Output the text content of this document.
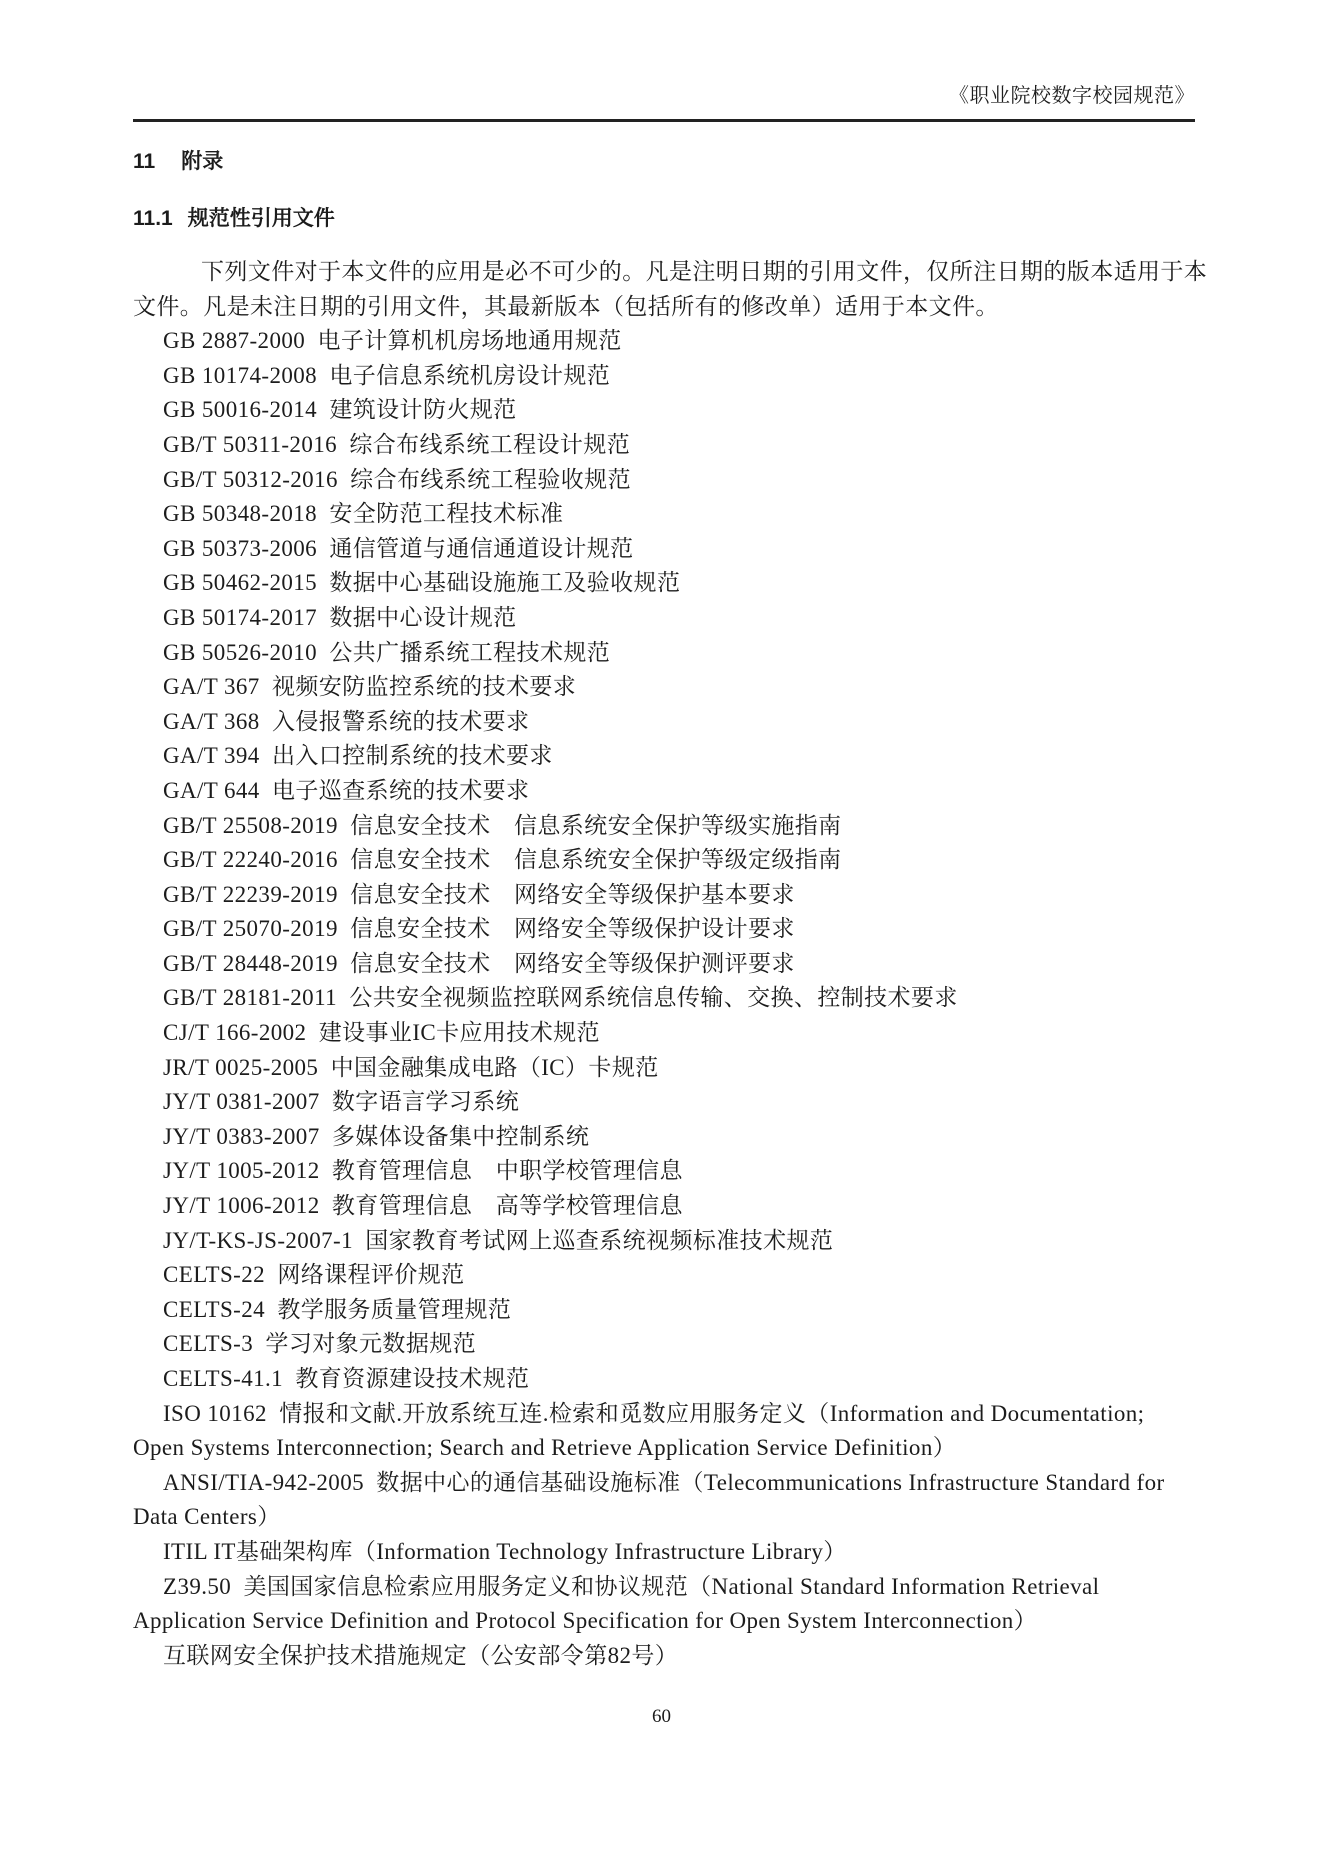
《职业院校数字校园规范》
11 附录
11.1 规范性引用文件
下列文件对于本文件的应用是必不可少的。凡是注明日期的引用文件，仅所注日期的版本适用于本
文件。凡是未注日期的引用文件，其最新版本（包括所有的修改单）适用于本文件。
GB 2887-2000  电子计算机机房场地通用规范
GB 10174-2008  电子信息系统机房设计规范
GB 50016-2014  建筑设计防火规范
GB/T 50311-2016  综合布线系统工程设计规范
GB/T 50312-2016  综合布线系统工程验收规范
GB 50348-2018  安全防范工程技术标准
GB 50373-2006  通信管道与通信通道设计规范
GB 50462-2015  数据中心基础设施施工及验收规范
GB 50174-2017  数据中心设计规范
GB 50526-2010  公共广播系统工程技术规范
GA/T 367  视频安防监控系统的技术要求
GA/T 368  入侵报警系统的技术要求
GA/T 394  出入口控制系统的技术要求
GA/T 644  电子巡查系统的技术要求
GB/T 25508-2019  信息安全技术　信息系统安全保护等级实施指南
GB/T 22240-2016  信息安全技术　信息系统安全保护等级定级指南
GB/T 22239-2019  信息安全技术　网络安全等级保护基本要求
GB/T 25070-2019  信息安全技术　网络安全等级保护设计要求
GB/T 28448-2019  信息安全技术　网络安全等级保护测评要求
GB/T 28181-2011  公共安全视频监控联网系统信息传输、交换、控制技术要求
CJ/T 166-2002  建设事业IC卡应用技术规范
JR/T 0025-2005  中国金融集成电路（IC）卡规范
JY/T 0381-2007  数字语言学习系统
JY/T 0383-2007  多媒体设备集中控制系统
JY/T 1005-2012  教育管理信息　中职学校管理信息
JY/T 1006-2012  教育管理信息　高等学校管理信息
JY/T-KS-JS-2007-1  国家教育考试网上巡查系统视频标准技术规范
CELTS-22  网络课程评价规范
CELTS-24  教学服务质量管理规范
CELTS-3  学习对象元数据规范
CELTS-41.1  教育资源建设技术规范
ISO 10162  情报和文献.开放系统互连.检索和觅数应用服务定义（Information and Documentation;
Open Systems Interconnection; Search and Retrieve Application Service Definition）
ANSI/TIA-942-2005  数据中心的通信基础设施标准（Telecommunications Infrastructure Standard for
Data Centers）
ITIL IT基础架构库（Information Technology Infrastructure Library）
Z39.50  美国国家信息检索应用服务定义和协议规范（National Standard Information Retrieval
Application Service Definition and Protocol Specification for Open System Interconnection）
互联网安全保护技术措施规定（公安部令第82号）
60
